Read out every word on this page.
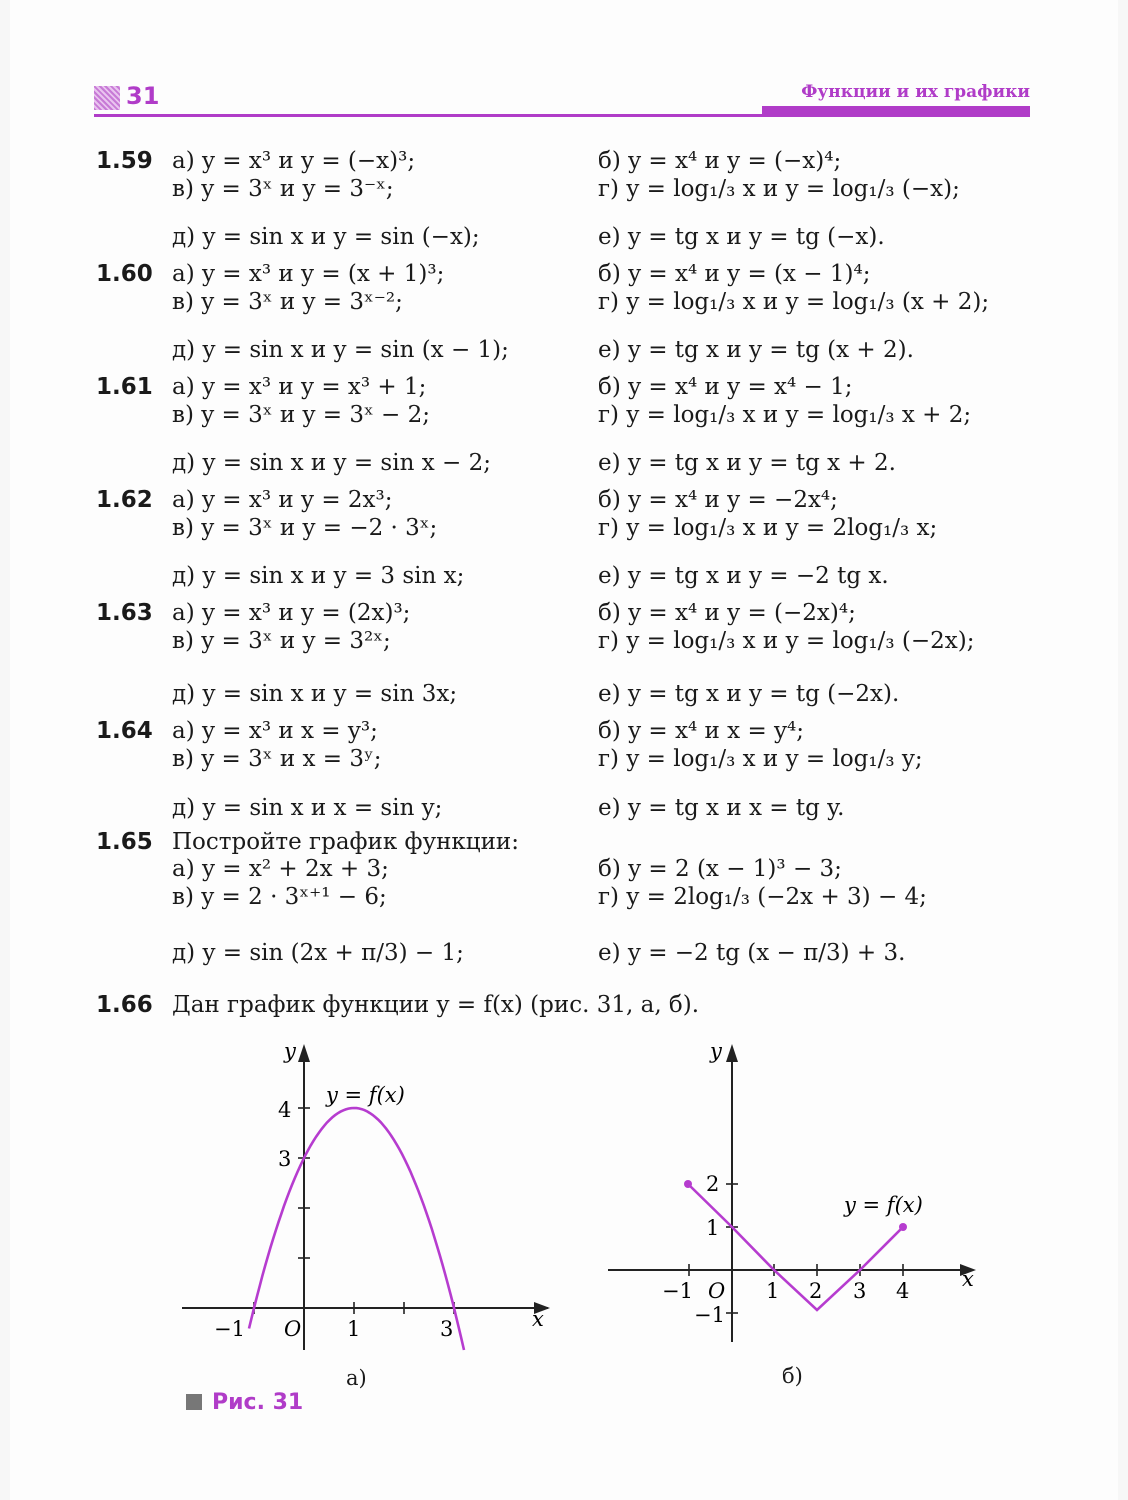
31	Функции и их графики
1.59 а) y = x³ и y = (−x)³;	б) y = x⁴ и y = (−x)⁴;
в) y = 3ˣ и y = 3⁻ˣ;	г) y = log₁/₃ x и y = log₁/₃ (−x);
д) y = sin x и y = sin (−x);	е) y = tg x и y = tg (−x).
1.60 а) y = x³ и y = (x + 1)³;	б) y = x⁴ и y = (x − 1)⁴;
в) y = 3ˣ и y = 3ˣ⁻²;	г) y = log₁/₃ x и y = log₁/₃ (x + 2);
д) y = sin x и y = sin (x − 1);	е) y = tg x и y = tg (x + 2).
1.61 а) y = x³ и y = x³ + 1;	б) y = x⁴ и y = x⁴ − 1;
в) y = 3ˣ и y = 3ˣ − 2;	г) y = log₁/₃ x и y = log₁/₃ x + 2;
д) y = sin x и y = sin x − 2;	е) y = tg x и y = tg x + 2.
1.62 а) y = x³ и y = 2x³;	б) y = x⁴ и y = −2x⁴;
в) y = 3ˣ и y = −2 · 3ˣ;	г) y = log₁/₃ x и y = 2log₁/₃ x;
д) y = sin x и y = 3 sin x;	е) y = tg x и y = −2 tg x.
1.63 а) y = x³ и y = (2x)³;	б) y = x⁴ и y = (−2x)⁴;
в) y = 3ˣ и y = 3²ˣ;	г) y = log₁/₃ x и y = log₁/₃ (−2x);
д) y = sin x и y = sin 3x;	е) y = tg x и y = tg (−2x).
1.64 а) y = x³ и x = y³;	б) y = x⁴ и x = y⁴;
в) y = 3ˣ и x = 3ʸ;	г) y = log₁/₃ x и y = log₁/₃ y;
д) y = sin x и x = sin y;	е) y = tg x и x = tg y.
1.65 Постройте график функции:
а) y = x² + 2x + 3;	б) y = 2 (x − 1)³ − 3;
в) y = 2 · 3ˣ⁺¹ − 6;	г) y = 2log₁/₃ (−2x + 3) − 4;
д) y = sin (2x + π/3) − 1;	е) y = −2 tg (x − π/3) + 3.
1.66 Дан график функции y = f(x) (рис. 31, а, б).
y
x
O
−1	1	3
3
4
y = f(x)
а)
y
x
O
−1	1 2 3 4
2
1
−1
y = f(x)
б)
Рис. 31
